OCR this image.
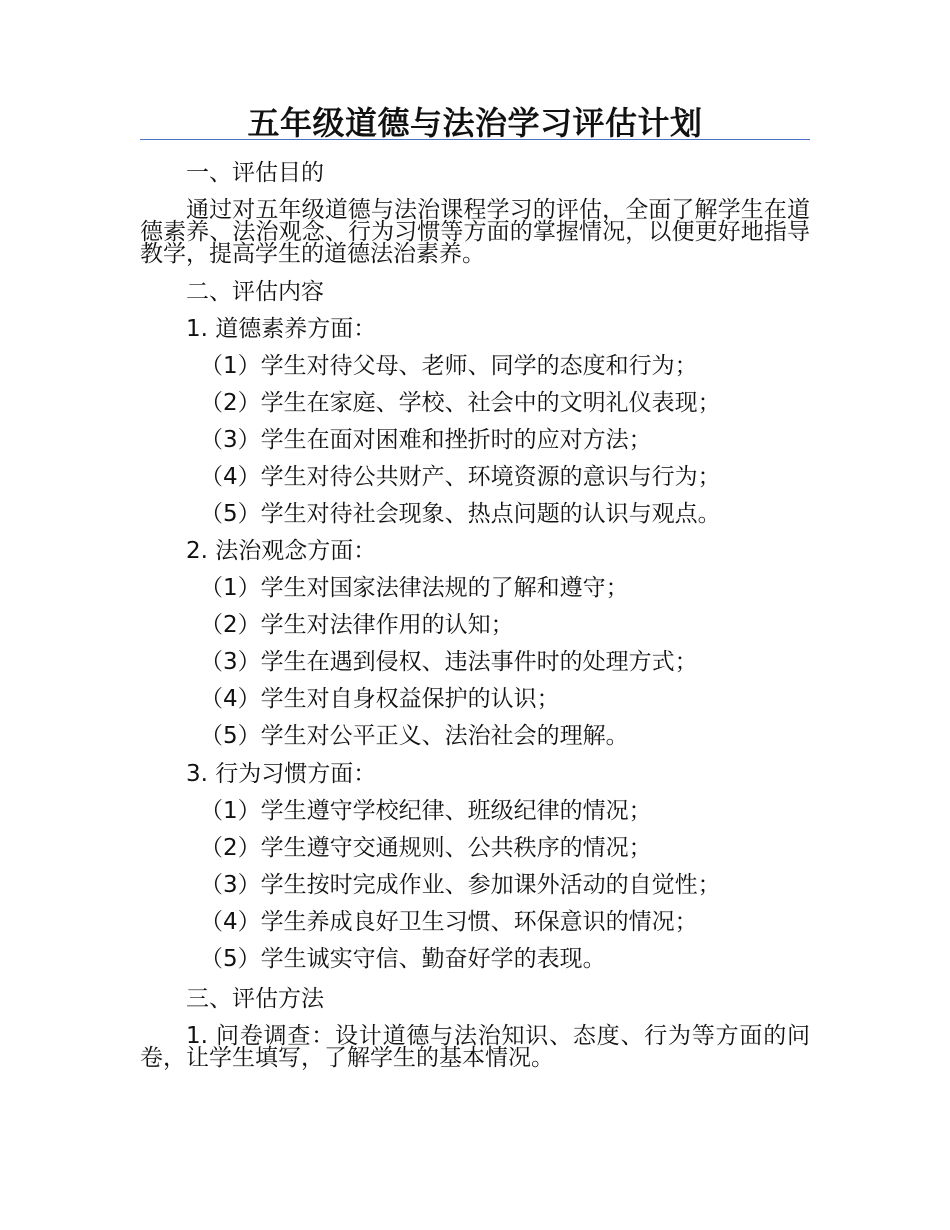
五年级道德与法治学习评估计划
一、评估目的
通过对五年级道德与法治课程学习的评估，全面了解学生在道德素养、法治观念、行为习惯等方面的掌握情况，以便更好地指导教学，提高学生的道德法治素养。
二、评估内容
1. 道德素养方面：
（1）学生对待父母、老师、同学的态度和行为；
（2）学生在家庭、学校、社会中的文明礼仪表现；
（3）学生在面对困难和挫折时的应对方法；
（4）学生对待公共财产、环境资源的意识与行为；
（5）学生对待社会现象、热点问题的认识与观点。
2. 法治观念方面：
（1）学生对国家法律法规的了解和遵守；
（2）学生对法律作用的认知；
（3）学生在遇到侵权、违法事件时的处理方式；
（4）学生对自身权益保护的认识；
（5）学生对公平正义、法治社会的理解。
3. 行为习惯方面：
（1）学生遵守学校纪律、班级纪律的情况；
（2）学生遵守交通规则、公共秩序的情况；
（3）学生按时完成作业、参加课外活动的自觉性；
（4）学生养成良好卫生习惯、环保意识的情况；
（5）学生诚实守信、勤奋好学的表现。
三、评估方法
1. 问卷调查：设计道德与法治知识、态度、行为等方面的问卷，让学生填写，了解学生的基本情况。
